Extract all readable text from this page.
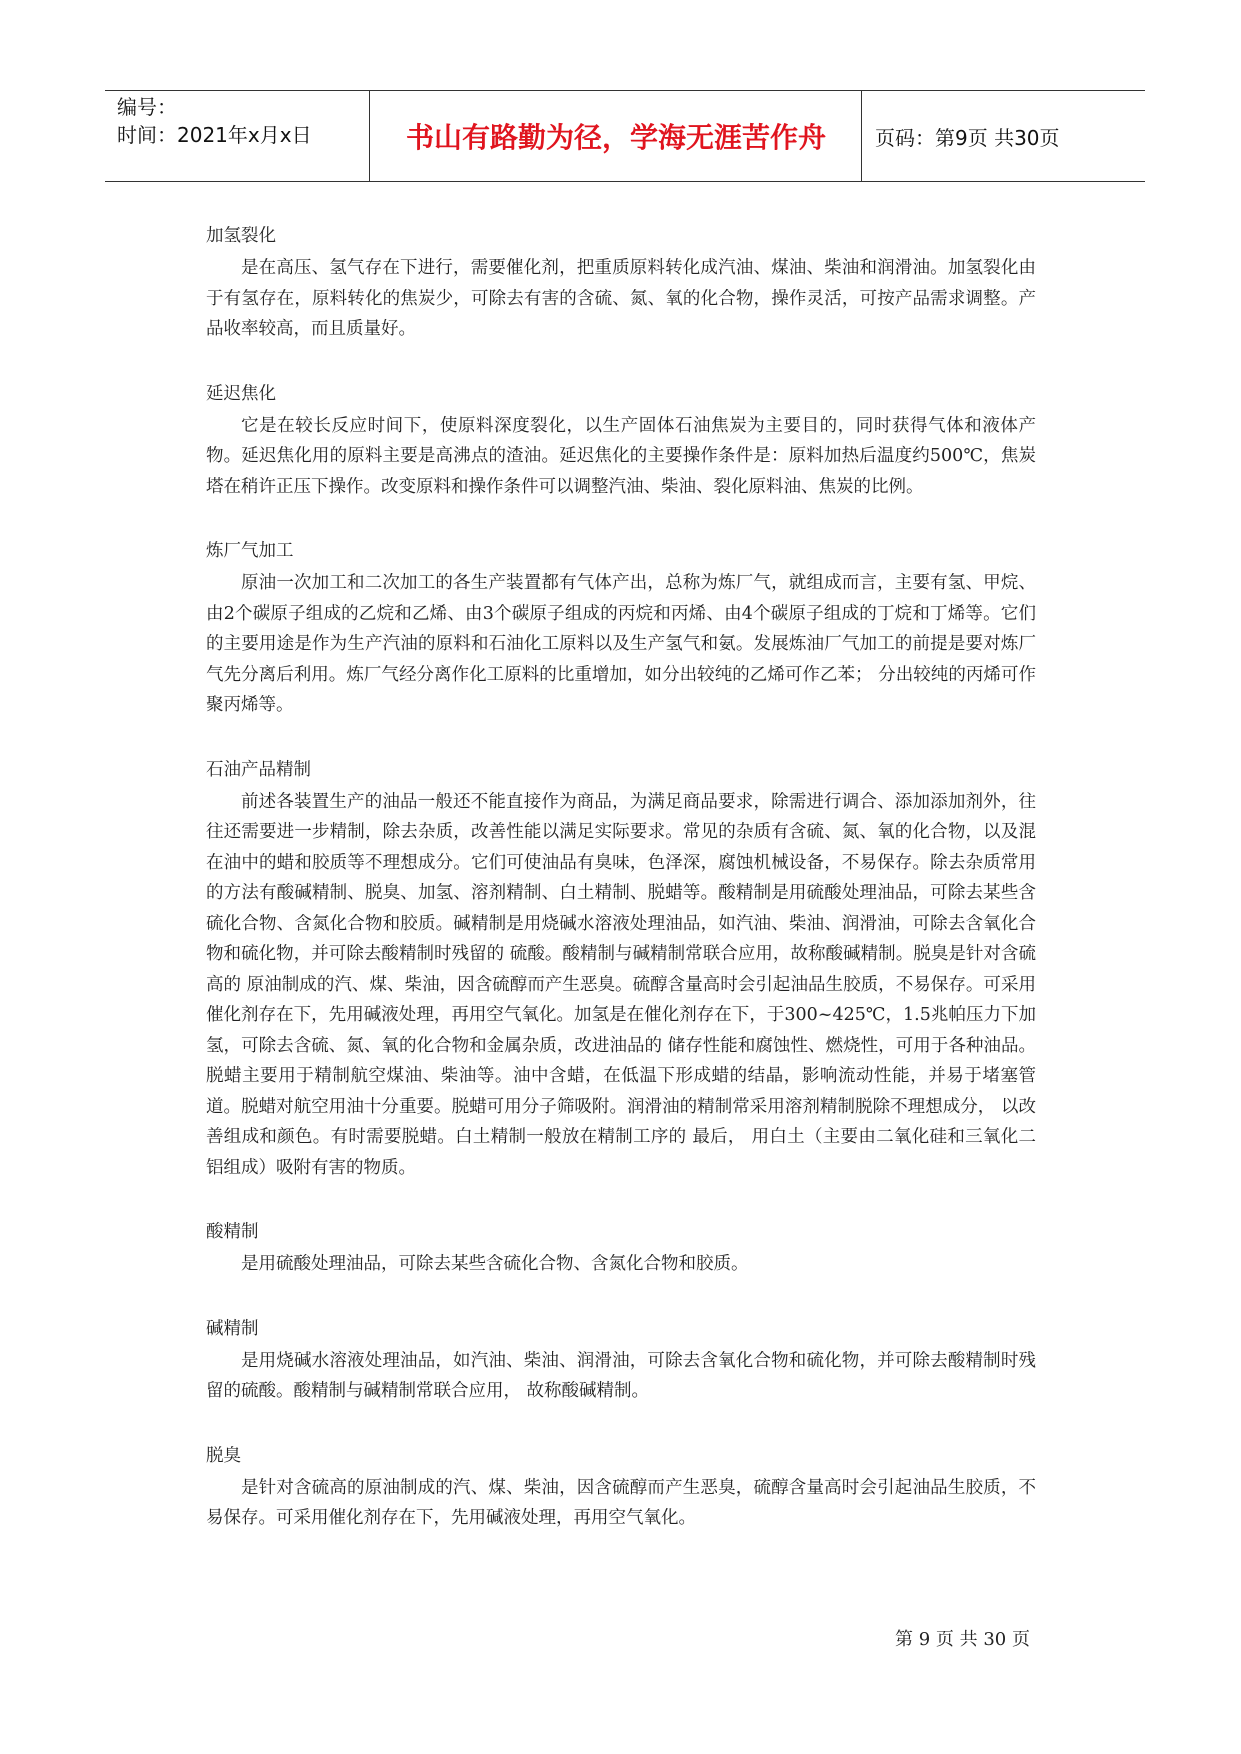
编号：
时间：2021年x月x日	书山有路勤为径，学海无涯苦作舟	页码：第9页 共30页

加氢裂化

是在高压、氢气存在下进行，需要催化剂，把重质原料转化成汽油、煤油、柴油和润滑油。加氢裂化由于有氢存在，原料转化的焦炭少，可除去有害的含硫、氮、氧的化合物，操作灵活，可按产品需求调整。产品收率较高，而且质量好。

延迟焦化

它是在较长反应时间下，使原料深度裂化，以生产固体石油焦炭为主要目的，同时获得气体和液体产物。延迟焦化用的原料主要是高沸点的渣油。延迟焦化的主要操作条件是：原料加热后温度约500℃，焦炭塔在稍许正压下操作。改变原料和操作条件可以调整汽油、柴油、裂化原料油、焦炭的比例。

炼厂气加工

原油一次加工和二次加工的各生产装置都有气体产出，总称为炼厂气，就组成而言，主要有氢、甲烷、由2个碳原子组成的乙烷和乙烯、由3个碳原子组成的丙烷和丙烯、由4个碳原子组成的丁烷和丁烯等。它们的主要用途是作为生产汽油的原料和石油化工原料以及生产氢气和氨。发展炼油厂气加工的前提是要对炼厂气先分离后利用。炼厂气经分离作化工原料的比重增加，如分出较纯的乙烯可作乙苯； 分出较纯的丙烯可作聚丙烯等。

石油产品精制

前述各装置生产的油品一般还不能直接作为商品，为满足商品要求，除需进行调合、添加添加剂外，往往还需要进一步精制，除去杂质，改善性能以满足实际要求。常见的杂质有含硫、氮、氧的化合物，以及混在油中的蜡和胶质等不理想成分。它们可使油品有臭味，色泽深，腐蚀机械设备，不易保存。除去杂质常用的方法有酸碱精制、脱臭、加氢、溶剂精制、白土精制、脱蜡等。酸精制是用硫酸处理油品，可除去某些含硫化合物、含氮化合物和胶质。碱精制是用烧碱水溶液处理油品，如汽油、柴油、润滑油，可除去含氧化合物和硫化物，并可除去酸精制时残留的 硫酸。酸精制与碱精制常联合应用，故称酸碱精制。脱臭是针对含硫高的 原油制成的汽、煤、柴油，因含硫醇而产生恶臭。硫醇含量高时会引起油品生胶质，不易保存。可采用催化剂存在下，先用碱液处理，再用空气氧化。加氢是在催化剂存在下，于300~425℃，1.5兆帕压力下加氢，可除去含硫、氮、氧的化合物和金属杂质，改进油品的 储存性能和腐蚀性、燃烧性，可用于各种油品。脱蜡主要用于精制航空煤油、柴油等。油中含蜡，在低温下形成蜡的结晶，影响流动性能，并易于堵塞管道。脱蜡对航空用油十分重要。脱蜡可用分子筛吸附。润滑油的精制常采用溶剂精制脱除不理想成分， 以改善组成和颜色。有时需要脱蜡。白土精制一般放在精制工序的 最后， 用白土（主要由二氧化硅和三氧化二铝组成）吸附有害的物质。

酸精制

是用硫酸处理油品，可除去某些含硫化合物、含氮化合物和胶质。

碱精制

是用烧碱水溶液处理油品，如汽油、柴油、润滑油，可除去含氧化合物和硫化物，并可除去酸精制时残留的硫酸。酸精制与碱精制常联合应用， 故称酸碱精制。

脱臭

是针对含硫高的原油制成的汽、煤、柴油，因含硫醇而产生恶臭，硫醇含量高时会引起油品生胶质，不易保存。可采用催化剂存在下，先用碱液处理，再用空气氧化。

第 9 页 共 30 页
